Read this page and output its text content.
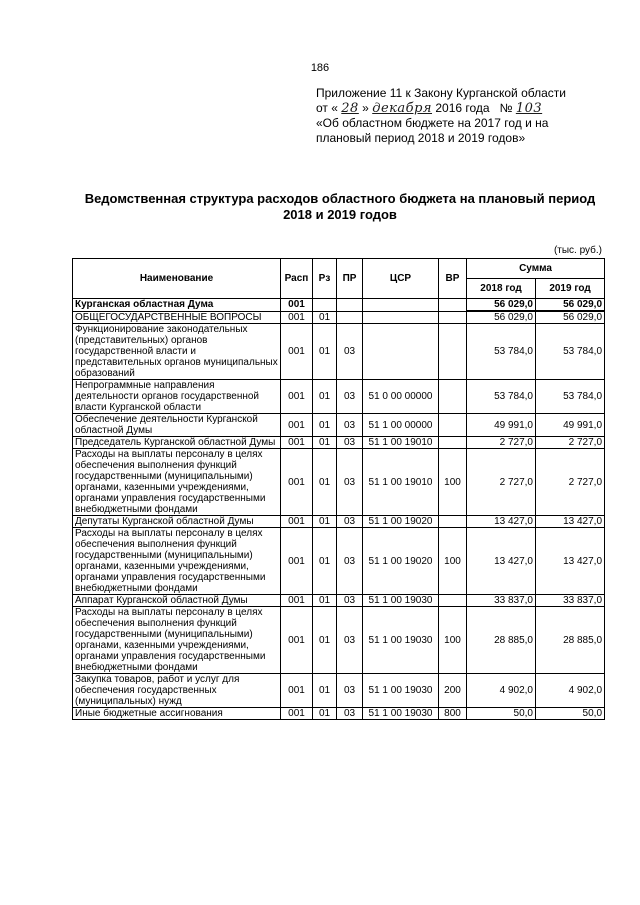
186
Приложение 11 к Закону Курганской области
от « 28 » декабря 2016 года № 103
«Об областном бюджете на 2017 год и на
плановый период 2018 и 2019 годов»
Ведомственная структура расходов областного бюджета на плановый период
2018 и 2019 годов
(тыс. руб.)
Наименование	Расп	Рз	ПР	ЦСР	ВР	Сумма	
						2018 год	2019 год
Курганская областная Дума	001					56 029,0	56 029,0
ОБЩЕГОСУДАРСТВЕННЫЕ ВОПРОСЫ	001	01				56 029,0	56 029,0
Функционирование законодательных (представительных) органов государственной власти и представительных органов муниципальных образований	001	01	03			53 784,0	53 784,0
Непрограммные направления деятельности органов государственной власти Курганской области	001	01	03	51 0 00 00000		53 784,0	53 784,0
Обеспечение деятельности Курганской областной Думы	001	01	03	51 1 00 00000		49 991,0	49 991,0
Председатель Курганской областной Думы	001	01	03	51 1 00 19010		2 727,0	2 727,0
Расходы на выплаты персоналу в целях обеспечения выполнения функций государственными (муниципальными) органами, казенными учреждениями, органами управления государственными внебюджетными фондами	001	01	03	51 1 00 19010	100	2 727,0	2 727,0
Депутаты Курганской областной Думы	001	01	03	51 1 00 19020		13 427,0	13 427,0
Расходы на выплаты персоналу в целях обеспечения выполнения функций государственными (муниципальными) органами, казенными учреждениями, органами управления государственными внебюджетными фондами	001	01	03	51 1 00 19020	100	13 427,0	13 427,0
Аппарат Курганской областной Думы	001	01	03	51 1 00 19030		33 837,0	33 837,0
Расходы на выплаты персоналу в целях обеспечения выполнения функций государственными (муниципальными) органами, казенными учреждениями, органами управления государственными внебюджетными фондами	001	01	03	51 1 00 19030	100	28 885,0	28 885,0
Закупка товаров, работ и услуг для обеспечения государственных (муниципальных) нужд	001	01	03	51 1 00 19030	200	4 902,0	4 902,0
Иные бюджетные ассигнования	001	01	03	51 1 00 19030	800	50,0	50,0
